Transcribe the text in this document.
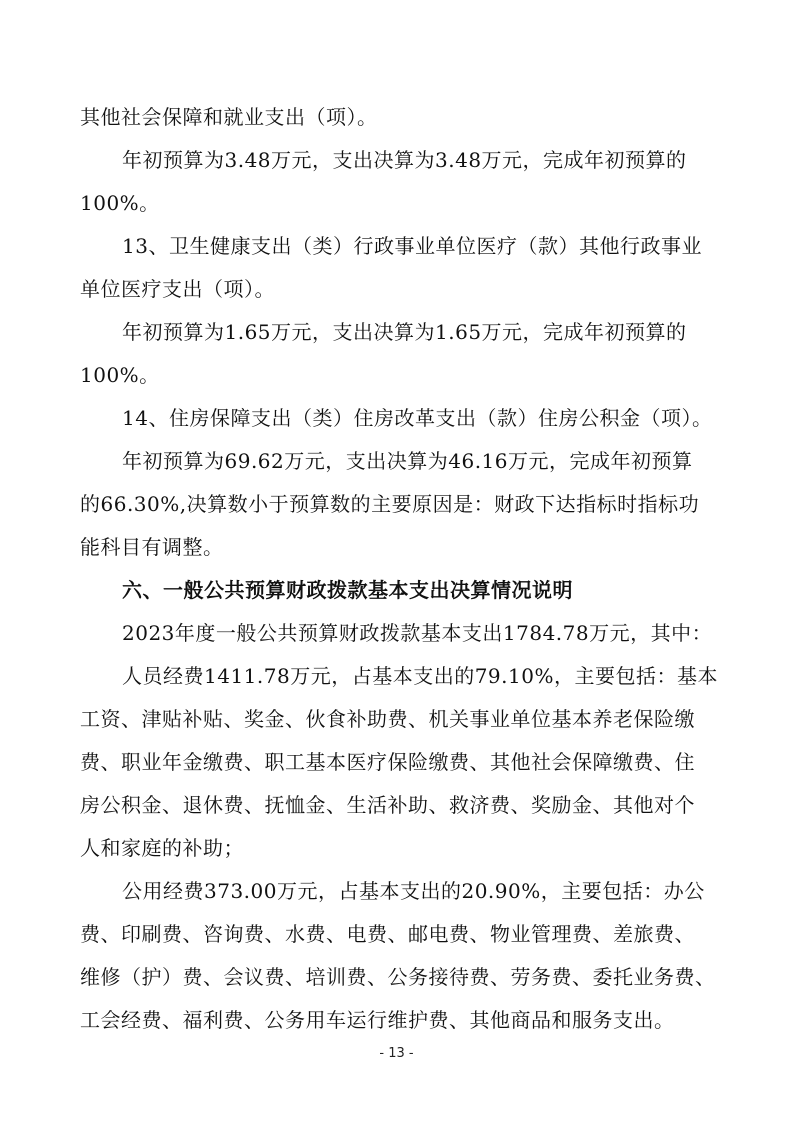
其他社会保障和就业支出（项）。
年初预算为3.48万元，支出决算为3.48万元，完成年初预算的
100%。
13、卫生健康支出（类）行政事业单位医疗（款）其他行政事业
单位医疗支出（项）。
年初预算为1.65万元，支出决算为1.65万元，完成年初预算的
100%。
14、住房保障支出（类）住房改革支出（款）住房公积金（项）。
年初预算为69.62万元，支出决算为46.16万元，完成年初预算
的66.30%,决算数小于预算数的主要原因是：财政下达指标时指标功
能科目有调整。
六、一般公共预算财政拨款基本支出决算情况说明
2023年度一般公共预算财政拨款基本支出1784.78万元，其中：
人员经费1411.78万元，占基本支出的79.10%，主要包括：基本
工资、津贴补贴、奖金、伙食补助费、机关事业单位基本养老保险缴
费、职业年金缴费、职工基本医疗保险缴费、其他社会保障缴费、住
房公积金、退休费、抚恤金、生活补助、救济费、奖励金、其他对个
人和家庭的补助；
公用经费373.00万元，占基本支出的20.90%，主要包括：办公
费、印刷费、咨询费、水费、电费、邮电费、物业管理费、差旅费、
维修（护）费、会议费、培训费、公务接待费、劳务费、委托业务费、
工会经费、福利费、公务用车运行维护费、其他商品和服务支出。
- 13 -
